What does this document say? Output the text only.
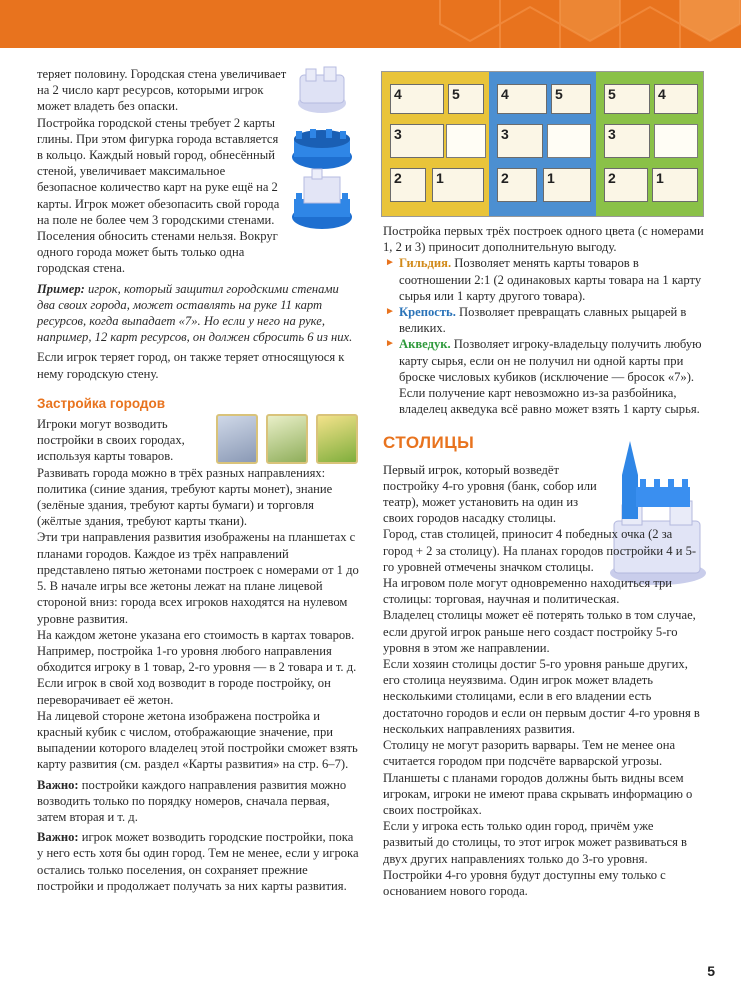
теряет половину. Городская стена увеличивает на 2 число карт ресурсов, которыми игрок может владеть без опаски.

Постройка городской стены требует 2 карты глины. При этом фигурка города вставляется в кольцо. Каждый новый город, обнесённый стеной, увеличивает максимальное безопасное количество карт на руке ещё на 2 карты. Игрок может обезопасить свой города на поле не более чем 3 городскими стенами. Поселения обносить стенами нельзя. Вокруг одного города может быть только одна городская стена.

Пример: игрок, который защитил городскими стенами два своих города, может оставлять на руке 11 карт ресурсов, когда выпадает «7». Но если у него на руке, например, 12 карт ресурсов, он должен сбросить 6 из них.

Если игрок теряет город, он также теряет относящуюся к нему городскую стену.

Застройка городов

Игроки могут возводить постройки в своих городах, используя карты товаров.

Развивать города можно в трёх разных направлениях: политика (синие здания, требуют карты монет), знание (зелёные здания, требуют карты бумаги) и торговля (жёлтые здания, требуют карты ткани).

Эти три направления развития изображены на планшетах с планами городов. Каждое из трёх направлений представлено пятью жетонами построек с номерами от 1 до 5. В начале игры все жетоны лежат на плане лицевой стороной вниз: города всех игроков находятся на нулевом уровне развития.

На каждом жетоне указана его стоимость в картах товаров. Например, постройка 1-го уровня любого направления обходится игроку в 1 товар, 2-го уровня — в 2 товара и т. д. Если игрок в свой ход возводит в городе постройку, он переворачивает её жетон.

На лицевой стороне жетона изображена постройка и красный кубик с числом, отображающие значение, при выпадении которого владелец этой постройки сможет взять карту развития (см. раздел «Карты развития» на стр. 6–7).

Важно: постройки каждого направления развития можно возводить только по порядку номеров, сначала первая, затем вторая и т. д.

Важно: игрок может возводить городские постройки, пока у него есть хотя бы один город. Тем не менее, если у игрока остались только поселения, он сохраняет прежние постройки и продолжает получать за них карты развития.

4	5
3
2 1
4	5
3
2	1
5	4
3
2	1

Постройка первых трёх построек одного цвета (с номерами 1, 2 и 3) приносит дополнительную выгоду.

► Гильдия. Позволяет менять карты товаров в соотношении 2:1 (2 одинаковых карты товара на 1 карту сырья или 1 карту другого товара).
► Крепость. Позволяет превращать славных рыцарей в великих.
► Акведук. Позволяет игроку-владельцу получить любую карту сырья, если он не получил ни одной карты при броске числовых кубиков (исключение — бросок «7»). Если получение карт невозможно из-за разбойника, владелец акведука всё равно может взять 1 карту сырья.
СТОЛИЦЫ

Первый игрок, который возведёт постройку 4-го уровня (банк, собор или театр), может установить на один из своих городов насадку столицы.

Город, став столицей, приносит 4 победных очка (2 за город + 2 за столицу). На планах городов постройки 4 и 5-го уровней отмечены значком столицы.

На игровом поле могут одновременно находиться три столицы: торговая, научная и политическая.

Владелец столицы может её потерять только в том случае, если другой игрок раньше него создаст постройку 5-го уровня в этом же направлении.

Если хозяин столицы достиг 5-го уровня раньше других, его столица неуязвима. Один игрок может владеть несколькими столицами, если в его владении есть достаточно городов и если он первым достиг 4-го уровня в нескольких направлениях развития.

Столицу не могут разорить варвары. Тем не менее она считается городом при подсчёте варварской угрозы.

Планшеты с планами городов должны быть видны всем игрокам, игроки не имеют права скрывать информацию о своих постройках.

Если у игрока есть только один город, причём уже развитый до столицы, то этот игрок может развиваться в двух других направлениях только до 3-го уровня. Постройки 4-го уровня будут доступны ему только с основанием нового города.

5
